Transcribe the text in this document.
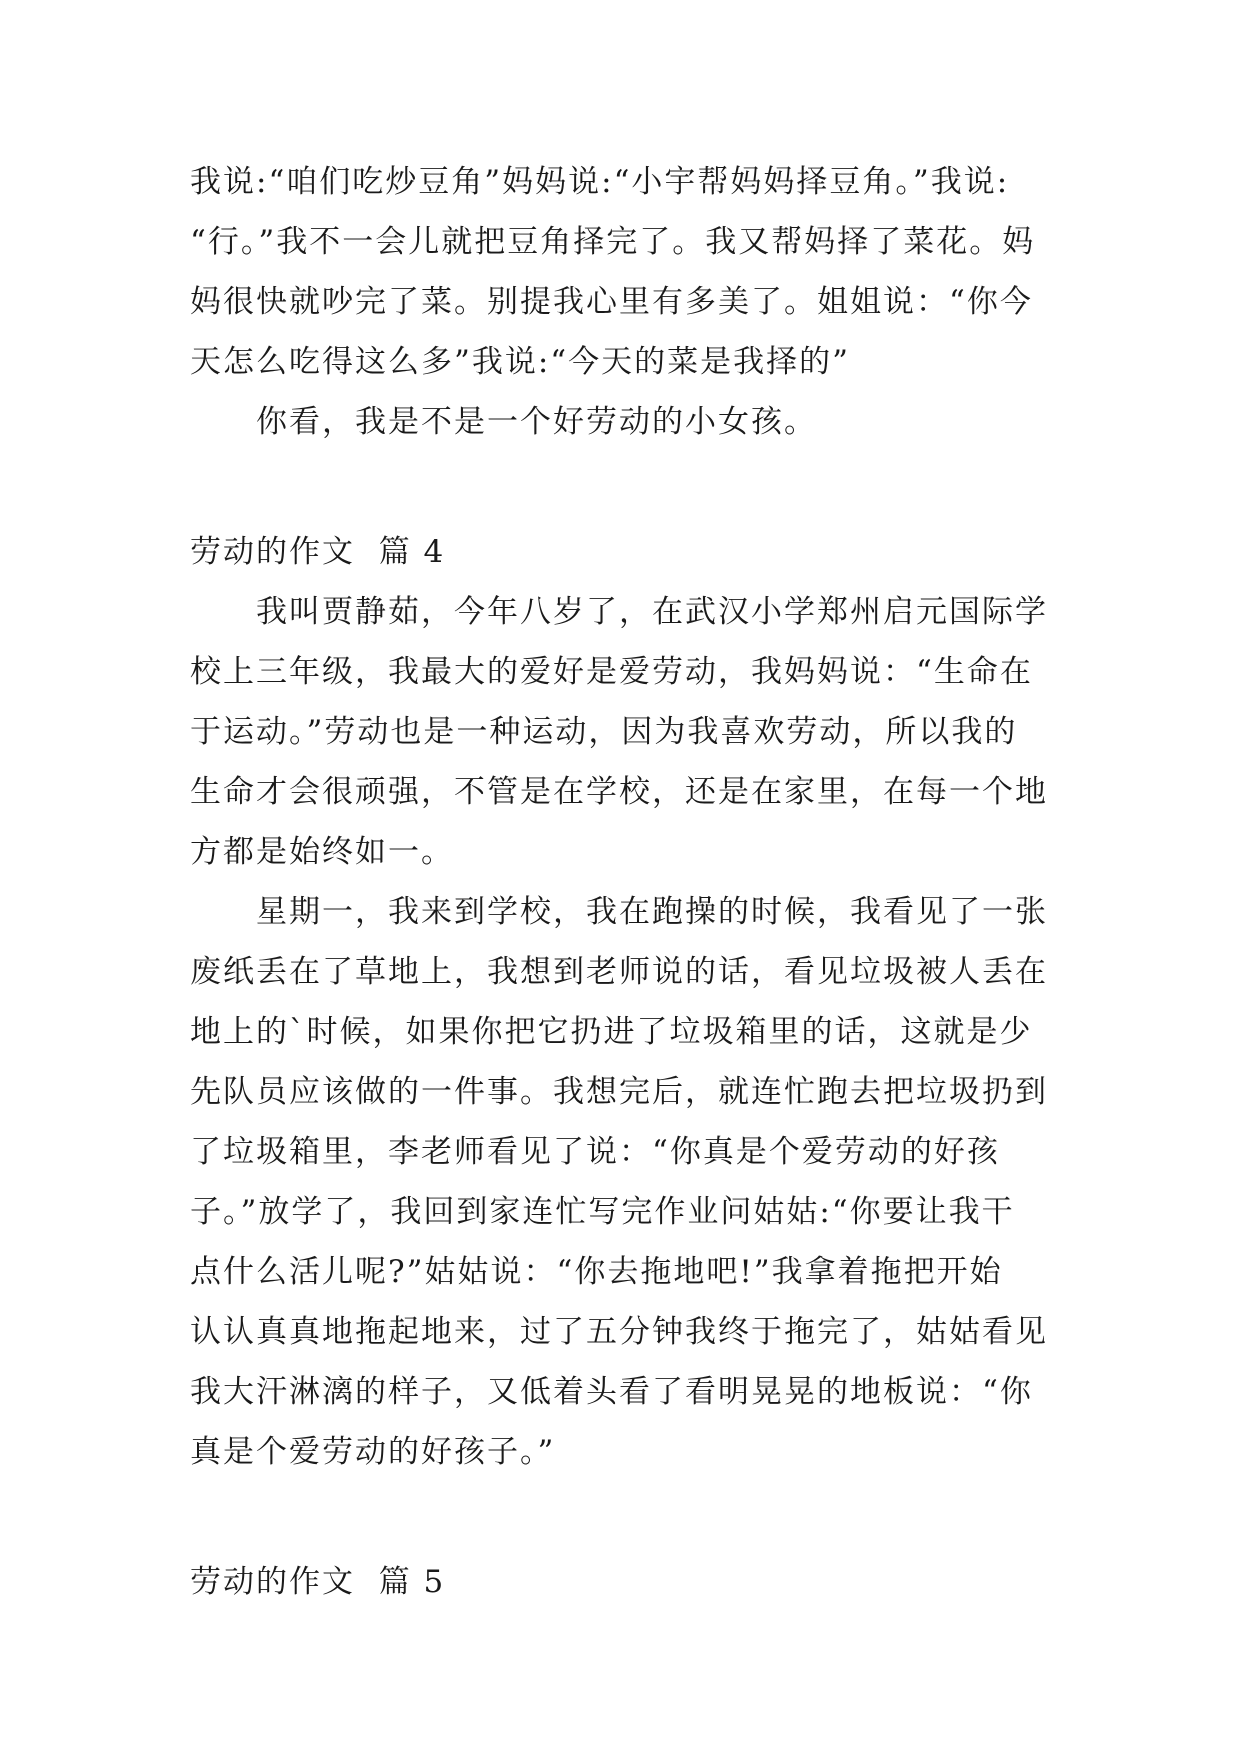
我说:“咱们吃炒豆角”妈妈说:“小宇帮妈妈择豆角。”我说:
“行。”我不一会儿就把豆角择完了。我又帮妈择了菜花。妈
妈很快就吵完了菜。别提我心里有多美了。姐姐说：“你今
天怎么吃得这么多”我说:“今天的菜是我择的”
你看，我是不是一个好劳动的小女孩。
劳动的作文  篇 4
我叫贾静茹，今年八岁了，在武汉小学郑州启元国际学
校上三年级，我最大的爱好是爱劳动，我妈妈说：“生命在
于运动。”劳动也是一种运动，因为我喜欢劳动，所以我的
生命才会很顽强，不管是在学校，还是在家里，在每一个地
方都是始终如一。
星期一，我来到学校，我在跑操的时候，我看见了一张
废纸丢在了草地上，我想到老师说的话，看见垃圾被人丢在
地上的`时候，如果你把它扔进了垃圾箱里的话，这就是少
先队员应该做的一件事。我想完后，就连忙跑去把垃圾扔到
了垃圾箱里，李老师看见了说：“你真是个爱劳动的好孩
子。”放学了，我回到家连忙写完作业问姑姑:“你要让我干
点什么活儿呢?”姑姑说：“你去拖地吧!”我拿着拖把开始
认认真真地拖起地来，过了五分钟我终于拖完了，姑姑看见
我大汗淋漓的样子，又低着头看了看明晃晃的地板说：“你
真是个爱劳动的好孩子。”
劳动的作文  篇 5
